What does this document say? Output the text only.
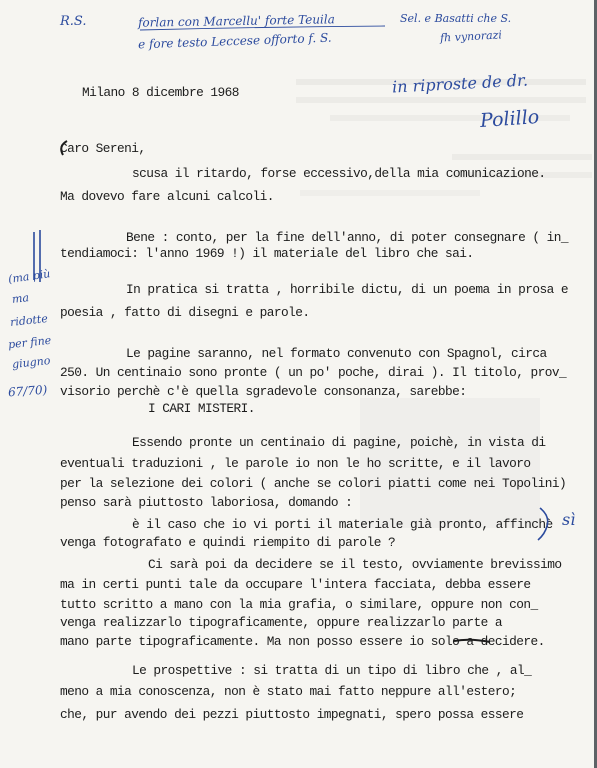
R.S.	forlan con Marcellu' forte Teuila
e fore testo Leccese offorto f. S.
Sel. e Basatti che S.
fh vynorazi
in riproste de dr.
Polillo
Milano 8 dicembre 1968
Caro Sereni,
scusa il ritardo, forse eccessivo,della mia comunicazione.
Ma dovevo fare alcuni calcoli.
Bene : conto, per la fine dell'anno, di poter consegnare ( in_
tendiamoci: l'anno 1969 !) il materiale del libro che sai.
In pratica si tratta , horribile dictu, di un poema in prosa e
poesia , fatto di disegni e parole.
Le pagine saranno, nel formato convenuto con Spagnol, circa
250. Un centinaio sono pronte ( un po' poche, dirai ). Il titolo, prov_
visorio perchè c'è quella sgradevole consonanza, sarebbe:
I CARI MISTERI.
Essendo pronte un centinaio di pagine, poichè, in vista di
eventuali traduzioni , le parole io non le ho scritte, e il lavoro
per la selezione dei colori ( anche se colori piatti come nei Topolini)
penso sarà piuttosto laboriosa, domando :
è il caso che io vi porti il materiale già pronto, affinchè
venga fotografato e quindi riempito di parole ?
Ci sarà poi da decidere se il testo, ovviamente brevissimo
ma in certi punti tale da occupare l'intera facciata, debba essere
tutto scritto a mano con la mia grafia, o similare, oppure non con_
venga realizzarlo tipograficamente, oppure realizzarlo parte a
mano parte tipograficamente. Ma non posso essere io solo a decidere.
Le prospettive : si tratta di un tipo di libro che , al_
meno a mia conoscenza, non è stato mai fatto neppure all'estero;
che, pur avendo dei pezzi piuttosto impegnati, spero possa essere
(ma più
ma
ridotte
per fine
giugno
67/70)
sì
